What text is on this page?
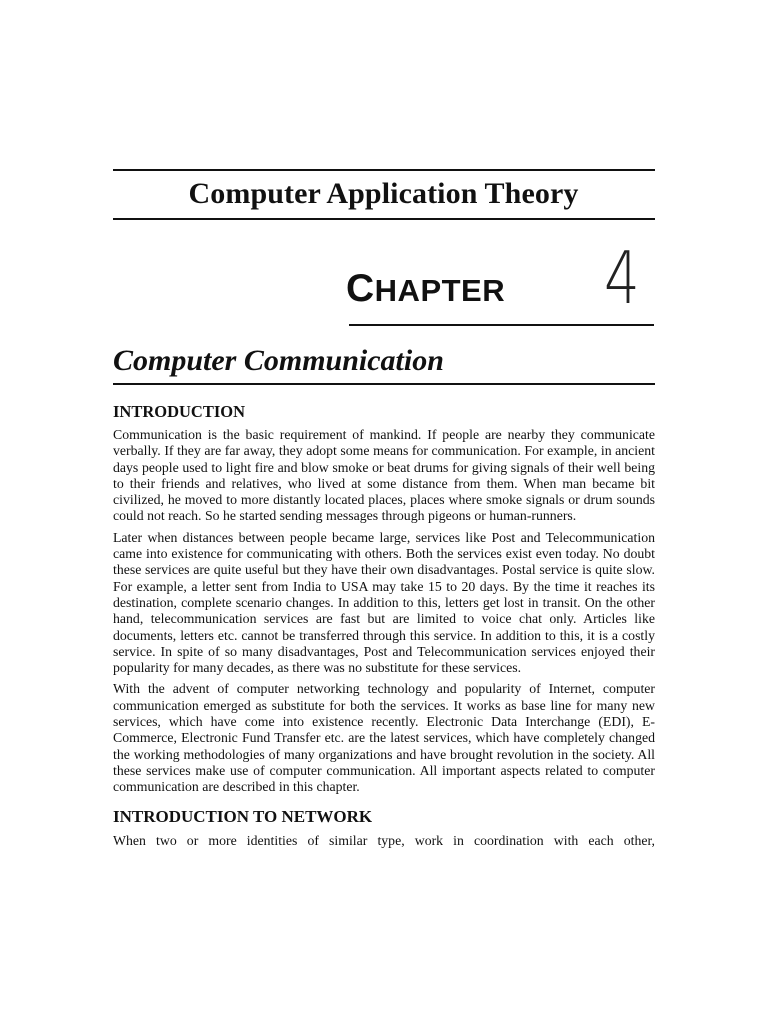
Computer Application Theory
CHAPTER 4
Computer Communication
INTRODUCTION

Communication is the basic requirement of mankind. If people are nearby they communicate verbally. If they are far away, they adopt some means for communication. For example, in ancient days people used to light fire and blow smoke or beat drums for giving signals of their well being to their friends and relatives, who lived at some distance from them. When man became bit civilized, he moved to more distantly located places, places where smoke signals or drum sounds could not reach. So he started sending messages through pigeons or human-runners.

Later when distances between people became large, services like Post and Telecommunication came into existence for communicating with others. Both the services exist even today. No doubt these services are quite useful but they have their own disadvantages. Postal service is quite slow. For example, a letter sent from India to USA may take 15 to 20 days. By the time it reaches its destination, complete scenario changes. In addition to this, letters get lost in transit. On the other hand, telecommunication services are fast but are limited to voice chat only. Articles like documents, letters etc. cannot be transferred through this service. In addition to this, it is a costly service. In spite of so many disadvantages, Post and Telecommunication services enjoyed their popularity for many decades, as there was no substitute for these services.

With the advent of computer networking technology and popularity of Internet, computer communication emerged as substitute for both the services. It works as base line for many new services, which have come into existence recently. Electronic Data Interchange (EDI), E-Commerce, Electronic Fund Transfer etc. are the latest services, which have completely changed the working methodologies of many organizations and have brought revolution in the society. All these services make use of computer communication. All important aspects related to computer communication are described in this chapter.

INTRODUCTION TO NETWORK

When two or more identities of similar type, work in coordination with each other,
